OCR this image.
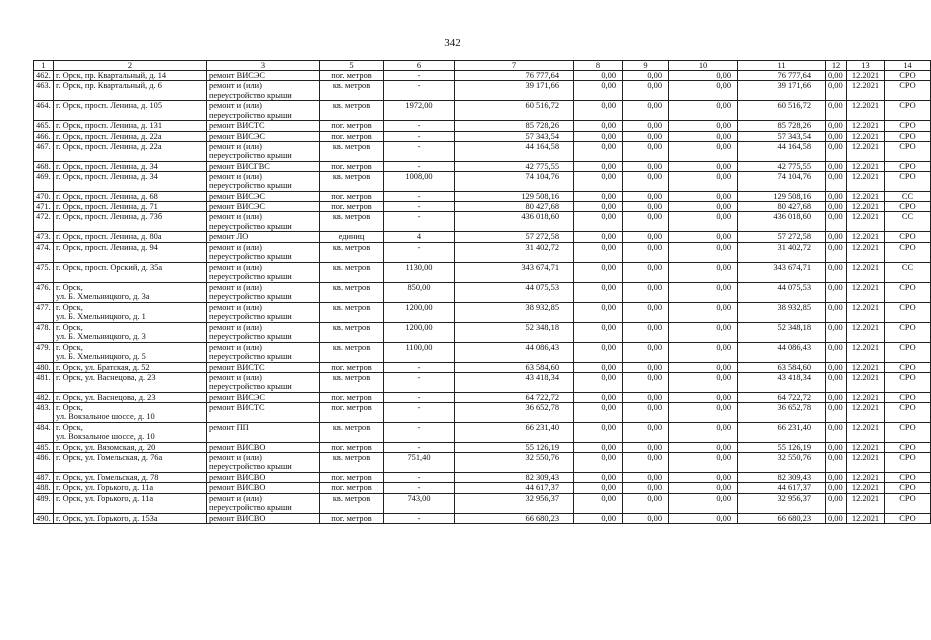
342
1	2	3	5	6	7	8	9	10	11	12	13	14
462.	г. Орск, пр. Квартальный, д. 14	ремонт ВИСЭС	пог. метров	-	76 777,64	0,00	0,00	0,00	76 777,64	0,00	12.2021	СРО
463.	г. Орск, пр. Квартальный, д. 6	ремонт и (или)
переустройство крыши	кв. метров	-	39 171,66	0,00	0,00	0,00	39 171,66	0,00	12.2021	СРО
464.	г. Орск, просп. Ленина, д. 105	ремонт и (или)
переустройство крыши	кв. метров	1972,00	60 516,72	0,00	0,00	0,00	60 516,72	0,00	12.2021	СРО
465.	г. Орск, просп. Ленина, д. 131	ремонт ВИСТС	пог. метров	-	85 728,26	0,00	0,00	0,00	85 728,26	0,00	12.2021	СРО
466.	г. Орск, просп. Ленина, д. 22а	ремонт ВИСЭС	пог. метров	-	57 343,54	0,00	0,00	0,00	57 343,54	0,00	12.2021	СРО
467.	г. Орск, просп. Ленина, д. 22а	ремонт и (или)
переустройство крыши	кв. метров	-	44 164,58	0,00	0,00	0,00	44 164,58	0,00	12.2021	СРО
468.	г. Орск, просп. Ленина, д. 34	ремонт ВИСГВС	пог. метров	-	42 775,55	0,00	0,00	0,00	42 775,55	0,00	12.2021	СРО
469.	г. Орск, просп. Ленина, д. 34	ремонт и (или)
переустройство крыши	кв. метров	1008,00	74 104,76	0,00	0,00	0,00	74 104,76	0,00	12.2021	СРО
470.	г. Орск, просп. Ленина, д. 68	ремонт ВИСЭС	пог. метров	-	129 508,16	0,00	0,00	0,00	129 508,16	0,00	12.2021	СС
471.	г. Орск, просп. Ленина, д. 71	ремонт ВИСЭС	пог. метров	-	80 427,68	0,00	0,00	0,00	80 427,68	0,00	12.2021	СРО
472.	г. Орск, просп. Ленина, д. 73б	ремонт и (или)
переустройство крыши	кв. метров	-	436 018,60	0,00	0,00	0,00	436 018,60	0,00	12.2021	СС
473.	г. Орск, просп. Ленина, д. 80а	ремонт ЛО	единиц	4	57 272,58	0,00	0,00	0,00	57 272,58	0,00	12.2021	СРО
474.	г. Орск, просп. Ленина, д. 94	ремонт и (или)
переустройство крыши	кв. метров	-	31 402,72	0,00	0,00	0,00	31 402,72	0,00	12.2021	СРО
475.	г. Орск, просп. Орский, д. 35а	ремонт и (или)
переустройство крыши	кв. метров	1130,00	343 674,71	0,00	0,00	0,00	343 674,71	0,00	12.2021	СС
476.	г. Орск,
ул. Б. Хмельницкого, д. 3а	ремонт и (или)
переустройство крыши	кв. метров	850,00	44 075,53	0,00	0,00	0,00	44 075,53	0,00	12.2021	СРО
477.	г. Орск,
ул. Б. Хмельницкого, д. 1	ремонт и (или)
переустройство крыши	кв. метров	1200,00	38 932,85	0,00	0,00	0,00	38 932,85	0,00	12.2021	СРО
478.	г. Орск,
ул. Б. Хмельницкого, д. 3	ремонт и (или)
переустройство крыши	кв. метров	1200,00	52 348,18	0,00	0,00	0,00	52 348,18	0,00	12.2021	СРО
479.	г. Орск,
ул. Б. Хмельницкого, д. 5	ремонт и (или)
переустройство крыши	кв. метров	1100,00	44 086,43	0,00	0,00	0,00	44 086,43	0,00	12.2021	СРО
480.	г. Орск, ул. Братская, д. 52	ремонт ВИСТС	пог. метров	-	63 584,60	0,00	0,00	0,00	63 584,60	0,00	12.2021	СРО
481.	г. Орск, ул. Васнецова, д. 23	ремонт и (или)
переустройство крыши	кв. метров	-	43 418,34	0,00	0,00	0,00	43 418,34	0,00	12.2021	СРО
482.	г. Орск, ул. Васнецова, д. 23	ремонт ВИСЭС	пог. метров	-	64 722,72	0,00	0,00	0,00	64 722,72	0,00	12.2021	СРО
483.	г. Орск,
ул. Вокзальное шоссе, д. 10	ремонт ВИСТС	пог. метров	-	36 652,78	0,00	0,00	0,00	36 652,78	0,00	12.2021	СРО
484.	г. Орск,
ул. Вокзальное шоссе, д. 10	ремонт ПП	кв. метров	-	66 231,40	0,00	0,00	0,00	66 231,40	0,00	12.2021	СРО
485.	г. Орск, ул. Вязомская, д. 20	ремонт ВИСВО	пог. метров	-	55 126,19	0,00	0,00	0,00	55 126,19	0,00	12.2021	СРО
486.	г. Орск, ул. Гомельская, д. 76а	ремонт и (или)
переустройство крыши	кв. метров	751,40	32 550,76	0,00	0,00	0,00	32 550,76	0,00	12.2021	СРО
487.	г. Орск, ул. Гомельская, д. 78	ремонт ВИСВО	пог. метров	-	82 309,43	0,00	0,00	0,00	82 309,43	0,00	12.2021	СРО
488.	г. Орск, ул. Горького, д. 11а	ремонт ВИСВО	пог. метров	-	44 617,37	0,00	0,00	0,00	44 617,37	0,00	12.2021	СРО
489.	г. Орск, ул. Горького, д. 11а	ремонт и (или)
переустройство крыши	кв. метров	743,00	32 956,37	0,00	0,00	0,00	32 956,37	0,00	12.2021	СРО
490.	г. Орск, ул. Горького, д. 153а	ремонт ВИСВО	пог. метров	-	66 680,23	0,00	0,00	0,00	66 680,23	0,00	12.2021	СРО
